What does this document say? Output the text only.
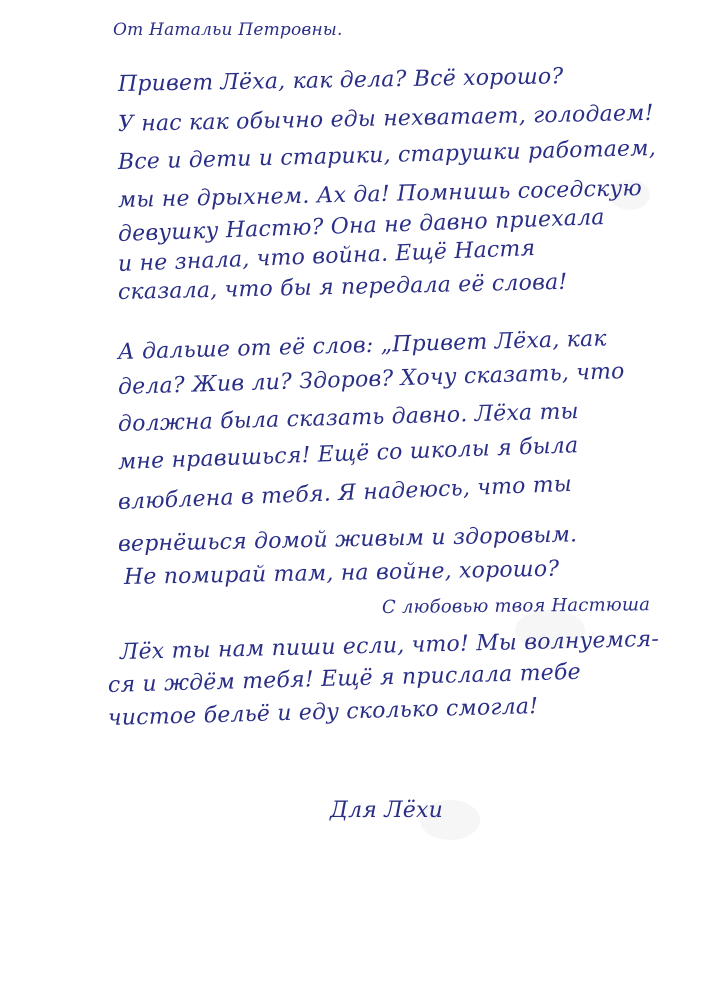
От Натальи Петровны.
Привет Лёха, как дела? Всё хорошо?
У нас как обычно еды нехватает, голодаем!
Все и дети и старики, старушки работаем,
мы не дрыхнем. Ах да! Помнишь соседскую
девушку Настю? Она не давно приехала
и не знала, что война. Ещё Настя
сказала, что бы я передала её слова!
А дальше от её слов: „Привет Лёха, как
дела? Жив ли? Здоров? Хочу сказать, что
должна была сказать давно. Лёха ты
мне нравишься! Ещё со школы я была
влюблена в тебя. Я надеюсь, что ты
вернёшься домой живым и здоровым.
Не помирай там, на войне, хорошо?
С любовью твоя Настюша
Лёх ты нам пиши если, что! Мы волнуемся-
ся и ждём тебя! Ещё я прислала тебе
чистое бельё и еду сколько смогла!
Для Лёхи
